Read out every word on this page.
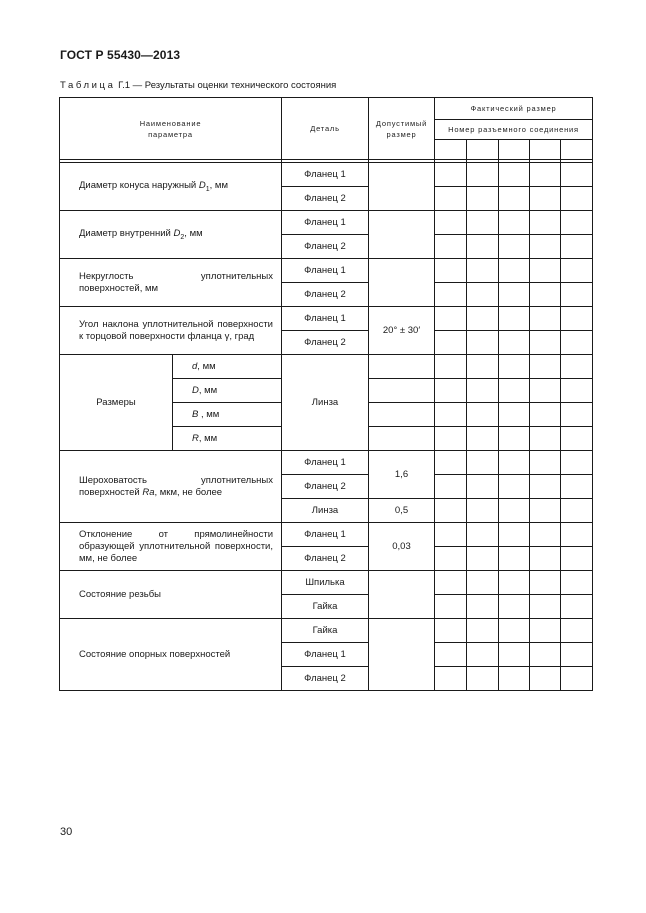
ГОСТ Р 55430—2013
Таблица Г.1 — Результаты оценки технического состояния
Наименование параметра		Деталь	Допустимый размер	Фактический размер				
				Номер разъемного соединения				

Диаметр конуса наружный $D_1$, мм		Фланец 1						
		Фланец 2						
Диаметр внутренний $D_2$, мм		Фланец 1						
		Фланец 2						
Некруглость уплотнительных поверхностей, мм		Фланец 1						
		Фланец 2						
Угол наклона уплотнительной поверхности к торцовой поверхности фланца γ, град		Фланец 1	20° ± 30′					
		Фланец 2						
Размеры	d, мм	Линза						
	D, мм							
	B , мм							
	R, мм							
Шероховатость уплотнительных поверхностей Ra, мкм, не более		Фланец 1	1,6					
		Фланец 2						
		Линза	0,5					
Отклонение от прямолинейности образующей уплотнительной поверхности, мм, не более		Фланец 1	0,03					
		Фланец 2						
Состояние резьбы		Шпилька						
		Гайка						
Состояние опорных поверхностей		Гайка						
		Фланец 1						
		Фланец 2						
30
